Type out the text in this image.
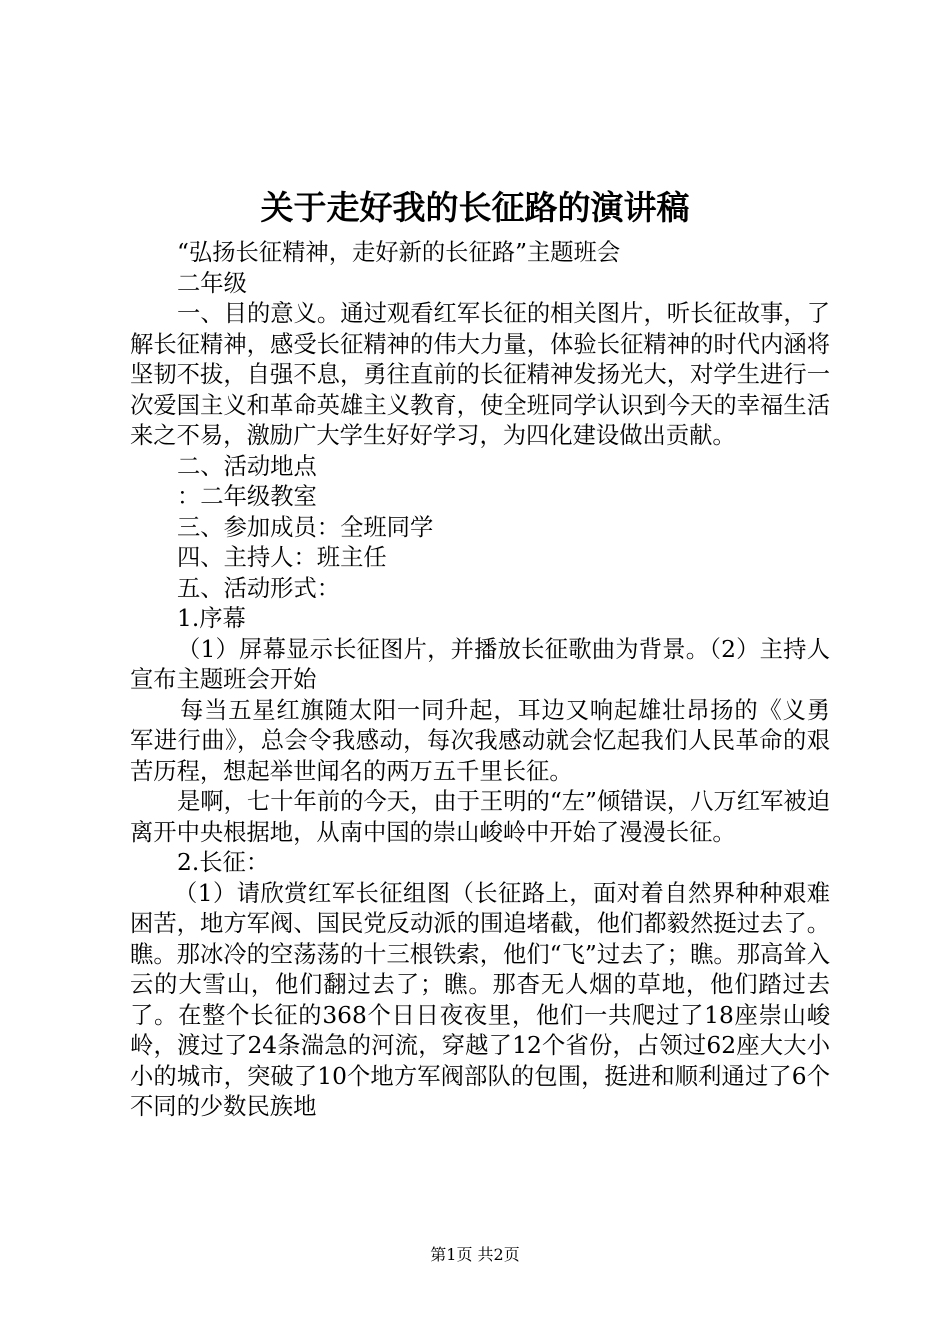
关于走好我的长征路的演讲稿

“弘扬长征精神，走好新的长征路”主题班会

二年级

一、目的意义。通过观看红军长征的相关图片，听长征故事，了解长征精神，感受长征精神的伟大力量，体验长征精神的时代内涵将坚韧不拔，自强不息，勇往直前的长征精神发扬光大，对学生进行一次爱国主义和革命英雄主义教育，使全班同学认识到今天的幸福生活来之不易，激励广大学生好好学习，为四化建设做出贡献。

二、活动地点

：二年级教室

三、参加成员：全班同学

四、主持人：班主任

五、活动形式：

1.序幕

（1）屏幕显示长征图片，并播放长征歌曲为背景。（2）主持人宣布主题班会开始

每当五星红旗随太阳一同升起，耳边又响起雄壮昂扬的《义勇军进行曲》，总会令我感动，每次我感动就会忆起我们人民革命的艰苦历程，想起举世闻名的两万五千里长征。

是啊，七十年前的今天，由于王明的“左”倾错误，八万红军被迫离开中央根据地，从南中国的崇山峻岭中开始了漫漫长征。

2.长征：

（1）请欣赏红军长征组图（长征路上，面对着自然界种种艰难困苦，地方军阀、国民党反动派的围追堵截，他们都毅然挺过去了。瞧。那冰冷的空荡荡的十三根铁索，他们“飞”过去了；瞧。那高耸入云的大雪山，他们翻过去了；瞧。那杳无人烟的草地，他们踏过去了。在整个长征的368个日日夜夜里，他们一共爬过了18座崇山峻岭，渡过了24条湍急的河流，穿越了12个省份，占领过62座大大小小的城市，突破了10个地方军阀部队的包围，挺进和顺利通过了6个不同的少数民族地

第1页 共2页
